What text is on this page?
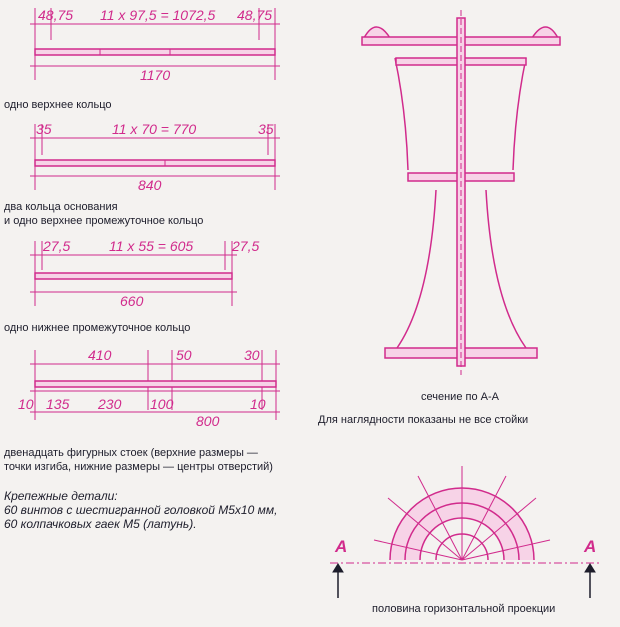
48,75 11 x 97,5 = 1072,5 48,75
1170
35	11 x 70 = 770	35
840
27,5	11 x 55 = 605	27,5
660
410	50	30
10 135 230 100	10
800
А	А
одно верхнее кольцо
два кольца основания
и одно верхнее промежуточное кольцо
одно нижнее промежуточное кольцо
двенадцать фигурных стоек (верхние размеры —
точки изгиба, нижние размеры — центры отверстий)
Крепежные детали:
60 винтов с шестигранной головкой М5х10 мм,
60 колпачковых гаек М5 (латунь).
сечение по А-А
Для наглядности показаны не все стойки
половина горизонтальной проекции
